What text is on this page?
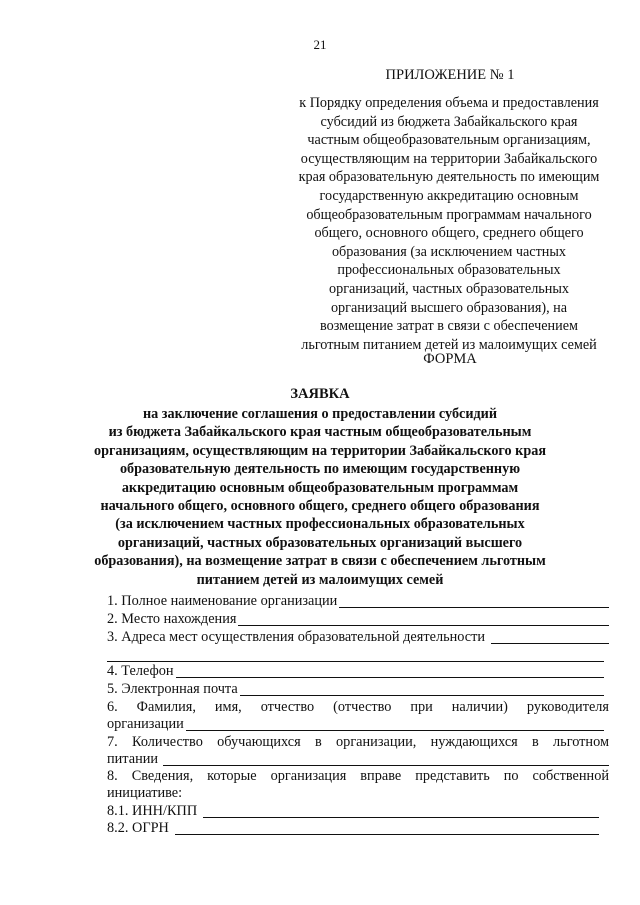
21
ПРИЛОЖЕНИЕ № 1
к Порядку определения объема и предоставления
субсидий из бюджета Забайкальского края
частным общеобразовательным организациям,
осуществляющим на территории Забайкальского
края образовательную деятельность по имеющим
государственную аккредитацию основным
общеобразовательным программам начального
общего, основного общего, среднего общего
образования (за исключением частных
профессиональных образовательных
организаций, частных образовательных
организаций высшего образования), на
возмещение затрат в связи с обеспечением
льготным питанием детей из малоимущих семей
ФОРМА
ЗАЯВКА
на заключение соглашения о предоставлении субсидий
из бюджета Забайкальского края частным общеобразовательным
организациям, осуществляющим на территории Забайкальского края
образовательную деятельность по имеющим государственную
аккредитацию основным общеобразовательным программам
начального общего, основного общего, среднего общего образования
(за исключением частных профессиональных образовательных
организаций, частных образовательных организаций высшего
образования), на возмещение затрат в связи с обеспечением льготным
питанием детей из малоимущих семей
1. Полное наименование организации
2. Место нахождения
3. Адреса мест осуществления образовательной деятельности
4. Телефон
5. Электронная почта
6. Фамилия, имя, отчество (отчество при наличии) руководителя
организации
7. Количество обучающихся в организации, нуждающихся в льготном
питании
8. Сведения, которые организация вправе представить по собственной
инициативе:
8.1. ИНН/КПП
8.2. ОГРН
